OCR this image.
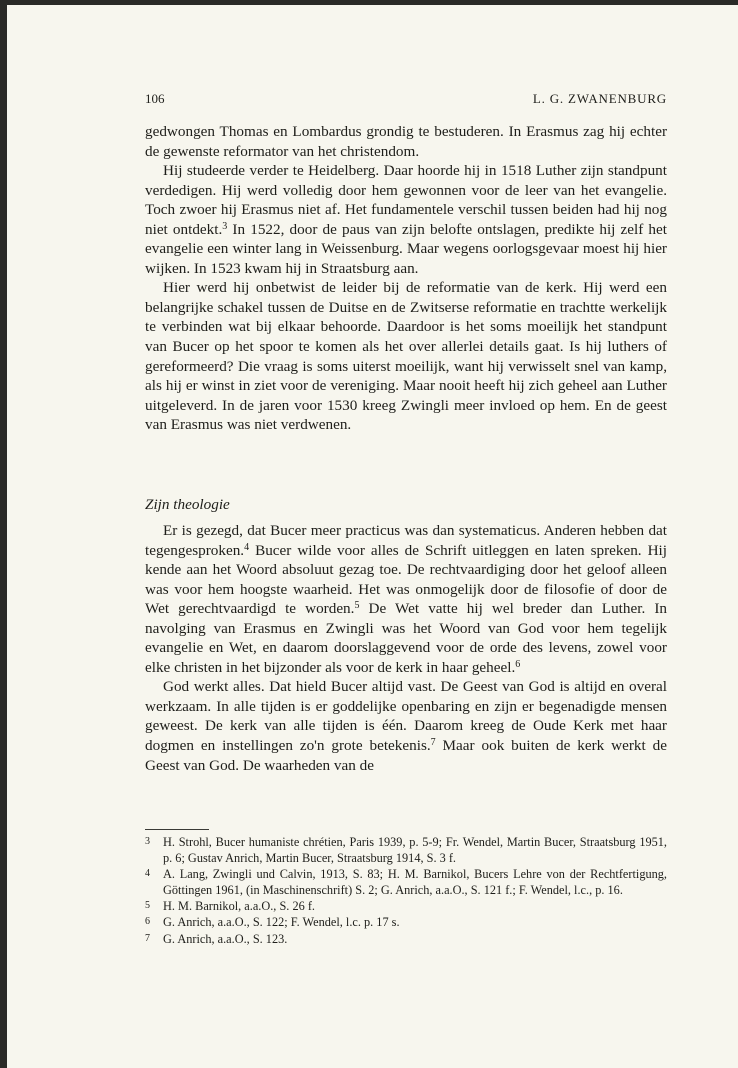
106	L. G. ZWANENBURG

gedwongen Thomas en Lombardus grondig te bestuderen. In Erasmus zag hij echter de gewenste reformator van het christendom.

Hij studeerde verder te Heidelberg. Daar hoorde hij in 1518 Luther zijn standpunt verdedigen. Hij werd volledig door hem gewonnen voor de leer van het evangelie. Toch zwoer hij Erasmus niet af. Het fundamentele verschil tussen beiden had hij nog niet ontdekt.$^3$ In 1522, door de paus van zijn belofte ontslagen, predikte hij zelf het evangelie een winter lang in Weissenburg. Maar wegens oorlogsgevaar moest hij hier wijken. In 1523 kwam hij in Straatsburg aan.

Hier werd hij onbetwist de leider bij de reformatie van de kerk. Hij werd een belangrijke schakel tussen de Duitse en de Zwitserse reformatie en trachtte werkelijk te verbinden wat bij elkaar behoorde. Daardoor is het soms moeilijk het standpunt van Bucer op het spoor te komen als het over allerlei details gaat. Is hij luthers of gereformeerd? Die vraag is soms uiterst moeilijk, want hij verwisselt snel van kamp, als hij er winst in ziet voor de vereniging. Maar nooit heeft hij zich geheel aan Luther uitgeleverd. In de jaren voor 1530 kreeg Zwingli meer invloed op hem. En de geest van Erasmus was niet verdwenen.

Zijn theologie

Er is gezegd, dat Bucer meer practicus was dan systematicus. Anderen hebben dat tegengesproken.$^4$ Bucer wilde voor alles de Schrift uitleggen en laten spreken. Hij kende aan het Woord absoluut gezag toe. De rechtvaardiging door het geloof alleen was voor hem hoogste waarheid. Het was onmogelijk door de filosofie of door de Wet gerechtvaardigd te worden.$^5$ De Wet vatte hij wel breder dan Luther. In navolging van Erasmus en Zwingli was het Woord van God voor hem tegelijk evangelie en Wet, en daarom doorslaggevend voor de orde des levens, zowel voor elke christen in het bijzonder als voor de kerk in haar geheel.$^6$

God werkt alles. Dat hield Bucer altijd vast. De Geest van God is altijd en overal werkzaam. In alle tijden is er goddelijke openbaring en zijn er begenadigde mensen geweest. De kerk van alle tijden is één. Daarom kreeg de Oude Kerk met haar dogmen en instellingen zo'n grote betekenis.$^7$ Maar ook buiten de kerk werkt de Geest van God. De waarheden van de

3 H. Strohl, Bucer humaniste chrétien, Paris 1939, p. 5-9; Fr. Wendel, Martin Bucer, Straatsburg 1951, p. 6; Gustav Anrich, Martin Bucer, Straatsburg 1914, S. 3 f.
4 A. Lang, Zwingli und Calvin, 1913, S. 83; H. M. Barnikol, Bucers Lehre von der Rechtfertigung, Göttingen 1961, (in Maschinenschrift) S. 2; G. Anrich, a.a.O., S. 121 f.; F. Wendel, l.c., p. 16.
5 H. M. Barnikol, a.a.O., S. 26 f.
6 G. Anrich, a.a.O., S. 122; F. Wendel, l.c. p. 17 s.
7 G. Anrich, a.a.O., S. 123.
